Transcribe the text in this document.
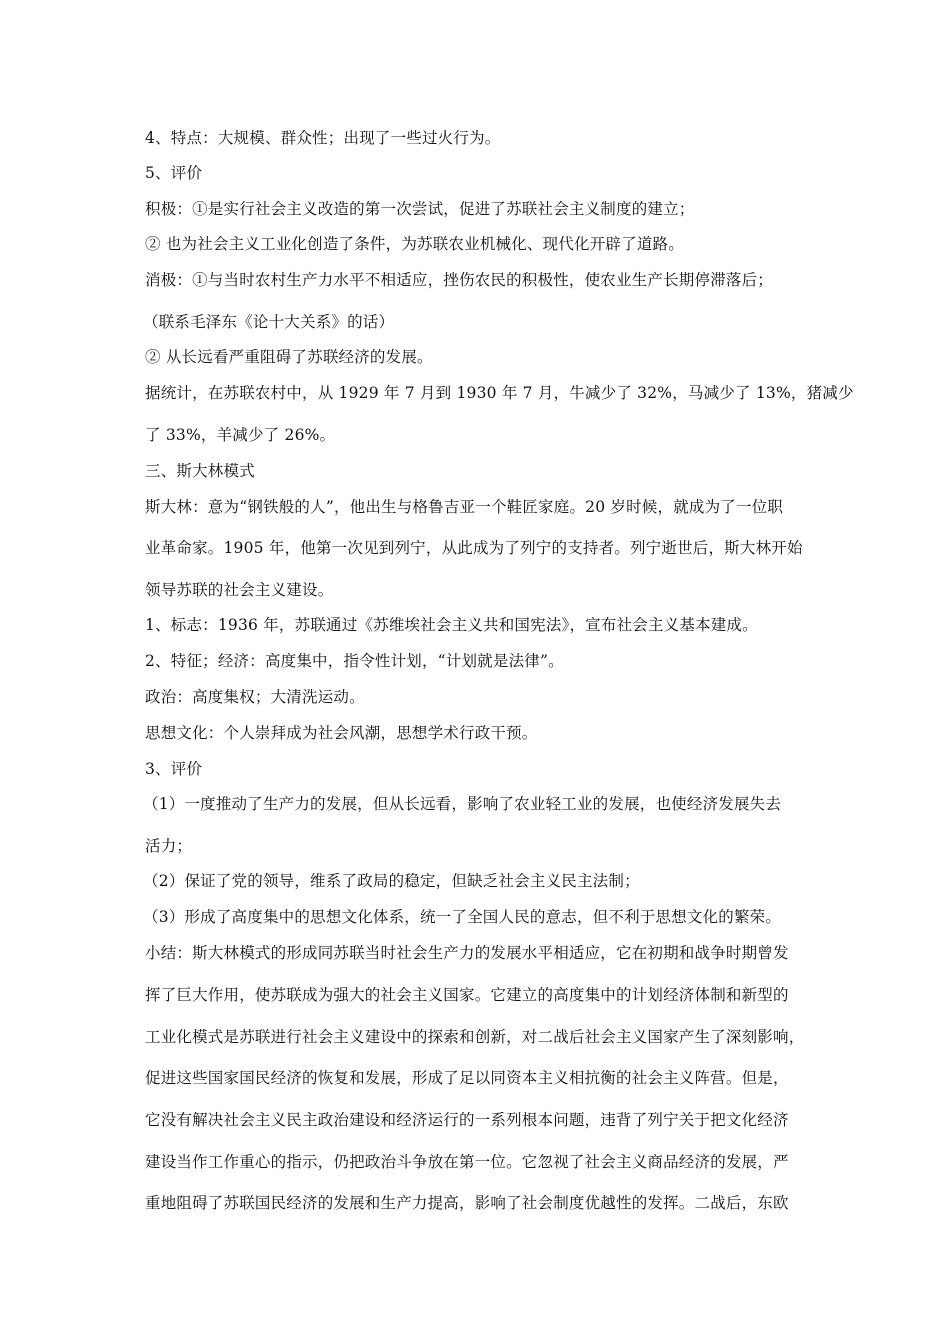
4、特点：大规模、群众性；出现了一些过火行为。
5、评价
积极：①是实行社会主义改造的第一次尝试，促进了苏联社会主义制度的建立；
② 也为社会主义工业化创造了条件，为苏联农业机械化、现代化开辟了道路。
消极：①与当时农村生产力水平不相适应，挫伤农民的积极性，使农业生产长期停滞落后；
（联系毛泽东《论十大关系》的话）
② 从长远看严重阻碍了苏联经济的发展。
据统计，在苏联农村中，从 1929 年 7 月到 1930 年 7 月，牛减少了 32%，马减少了 13%，猪减少
了 33%，羊减少了 26%。
三、斯大林模式
斯大林：意为“钢铁般的人”，他出生与格鲁吉亚一个鞋匠家庭。20 岁时候，就成为了一位职
业革命家。1905 年，他第一次见到列宁，从此成为了列宁的支持者。列宁逝世后，斯大林开始
领导苏联的社会主义建设。
1、标志：1936 年，苏联通过《苏维埃社会主义共和国宪法》，宣布社会主义基本建成。
2、特征；经济：高度集中，指令性计划，“计划就是法律”。
政治：高度集权；大清洗运动。
思想文化：个人崇拜成为社会风潮，思想学术行政干预。
3、评价
（1）一度推动了生产力的发展，但从长远看，影响了农业轻工业的发展，也使经济发展失去
活力；
（2）保证了党的领导，维系了政局的稳定，但缺乏社会主义民主法制；
（3）形成了高度集中的思想文化体系，统一了全国人民的意志，但不利于思想文化的繁荣。
小结：斯大林模式的形成同苏联当时社会生产力的发展水平相适应，它在初期和战争时期曾发
挥了巨大作用，使苏联成为强大的社会主义国家。它建立的高度集中的计划经济体制和新型的
工业化模式是苏联进行社会主义建设中的探索和创新，对二战后社会主义国家产生了深刻影响，
促进这些国家国民经济的恢复和发展，形成了足以同资本主义相抗衡的社会主义阵营。但是，
它没有解决社会主义民主政治建设和经济运行的一系列根本问题，违背了列宁关于把文化经济
建设当作工作重心的指示，仍把政治斗争放在第一位。它忽视了社会主义商品经济的发展，严
重地阻碍了苏联国民经济的发展和生产力提高，影响了社会制度优越性的发挥。二战后，东欧
